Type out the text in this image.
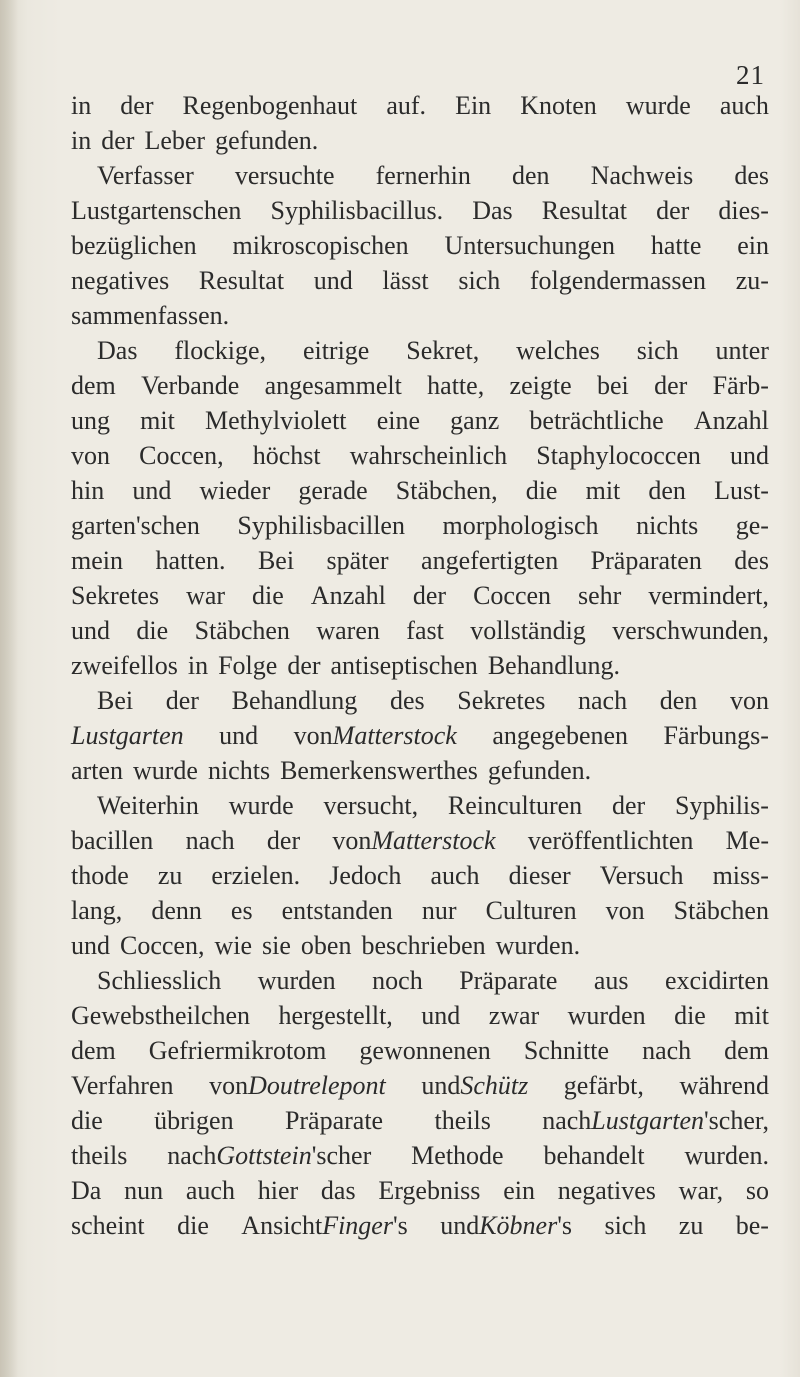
21
in der Regenbogenhaut auf. Ein Knoten wurde auch
in der Leber gefunden.
Verfasser versuchte fernerhin den Nachweis des
Lustgartenschen Syphilisbacillus. Das Resultat der dies-
bezüglichen mikroscopischen Untersuchungen hatte ein
negatives Resultat und lässt sich folgendermassen zu-
sammenfassen.
Das flockige, eitrige Sekret, welches sich unter
dem Verbande angesammelt hatte, zeigte bei der Färb-
ung mit Methylviolett eine ganz beträchtliche Anzahl
von Coccen, höchst wahrscheinlich Staphylococcen und
hin und wieder gerade Stäbchen, die mit den Lust-
garten'schen Syphilisbacillen morphologisch nichts ge-
mein hatten. Bei später angefertigten Präparaten des
Sekretes war die Anzahl der Coccen sehr vermindert,
und die Stäbchen waren fast vollständig verschwunden,
zweifellos in Folge der antiseptischen Behandlung.
Bei der Behandlung des Sekretes nach den von
Lustgarten und vonMatterstock angegebenen Färbungs-
arten wurde nichts Bemerkenswerthes gefunden.
Weiterhin wurde versucht, Reinculturen der Syphilis-
bacillen nach der vonMatterstock veröffentlichten Me-
thode zu erzielen. Jedoch auch dieser Versuch miss-
lang, denn es entstanden nur Culturen von Stäbchen
und Coccen, wie sie oben beschrieben wurden.
Schliesslich wurden noch Präparate aus excidirten
Gewebstheilchen hergestellt, und zwar wurden die mit
dem Gefriermikrotom gewonnenen Schnitte nach dem
Verfahren vonDoutrelepont undSchütz gefärbt, während
die übrigen Präparate theils nachLustgarten'scher,
theils nachGottstein'scher Methode behandelt wurden.
Da nun auch hier das Ergebniss ein negatives war, so
scheint die AnsichtFinger's undKöbner's sich zu be-
